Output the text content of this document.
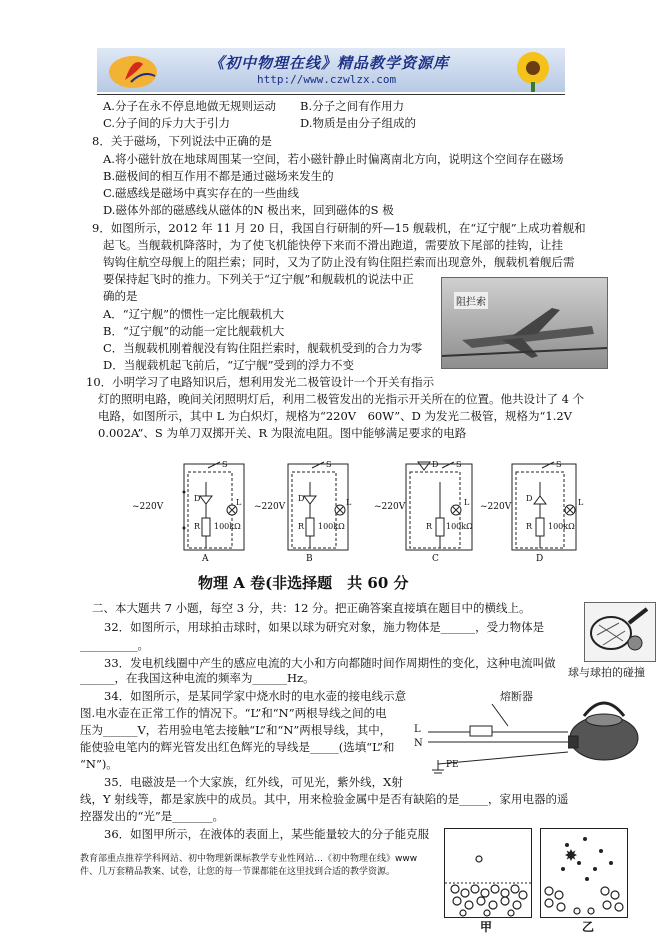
《初中物理在线》精品教学资源库
http://www.czwlzx.com
A.分子在永不停息地做无规则运动 B.分子之间有作用力
C.分子间的斥力大于引力	D.物质是由分子组成的
8．关于磁场，下列说法中正确的是
A.将小磁针放在地球周围某一空间，若小磁针静止时偏离南北方向，说明这个空间存在磁场
B.磁极间的相互作用不都是通过磁场来发生的
C.磁感线是磁场中真实存在的一些曲线
D.磁体外部的磁感线从磁体的N 极出来，回到磁体的S 极
9．如图所示，2012 年 11 月 20 日，我国自行研制的歼—15 舰载机，在“辽宁舰”上成功着舰和
起飞。当舰载机降落时，为了使飞机能快停下来而不滑出跑道，需要放下尾部的挂钩，让挂
钩钩住航空母舰上的阻拦索；同时，又为了防止没有钩住阻拦索而出现意外，舰载机着舰后需
要保持起飞时的推力。下列关于“辽宁舰”和舰载机的说法中正
确的是
A．“辽宁舰”的惯性一定比舰载机大
B．“辽宁舰”的动能一定比舰载机大
C．当舰载机刚着舰没有钩住阻拦索时，舰载机受到的合力为零
D．当舰载机起飞前后，“辽宁舰”受到的浮力不变
阻拦索
10．小明学习了电路知识后，想利用发光二极管设计一个开关有指示
灯的照明电路，晚间关闭照明灯后，利用二极管发出的光指示开关所在的位置。他共设计了 4 个
电路，如图所示，其中 L 为白炽灯，规格为“220V　60W”、D 为发光二极管，规格为“1.2V
0.002A”、S 为单刀双掷开关、R 为限流电阻。图中能够满足要求的电路
~220V
100kΩ
D
R
L
S
A
~220V
100kΩ
D
R
L
S
B
~220V
100kΩ
D
R
L
S
C
~220V
100kΩ
D
R
L
S
D
物理 A 卷(非选择题　共 60 分
二、本大题共 7 小题，每空 3 分，共：12 分。把正确答案直接填在题目中的横线上。
32．如图所示，用球拍击球时，如果以球为研究对象，施力物体是______，受力物体是
__________。
球与球拍的碰撞
33．发电机线圈中产生的感应电流的大小和方向都随时间作周期性的变化，这种电流叫做
______，在我国这种电流的频率为______Hz。
34．如图所示，是某同学家中烧水时的电水壶的接电线示意
图.电水壶在正常工作的情况下。“L”和“N”两根导线之间的电
压为______V，若用验电笔去接触“L”和“N”两根导线，其中，
能使验电笔内的辉光管发出红色辉光的导线是_____(选填“L”和
“N”)。
熔断器
L
N
PE
35．电磁波是一个大家族，红外线，可见光，紫外线，X射
线，Y 射线等，都是家族中的成员。其中，用来检验金属中是否有缺陷的是_____，家用电器的遥
控器发出的“光”是_______。
36．如图甲所示，在液体的表面上，某些能量较大的分子能克服
甲	乙
教育部重点推荐学科网站、初中物理新课标教学专业性网站…《初中物理在线》www
件、几万套精品教案、试卷，让您的每一节课都能在这里找到合适的教学资源。
